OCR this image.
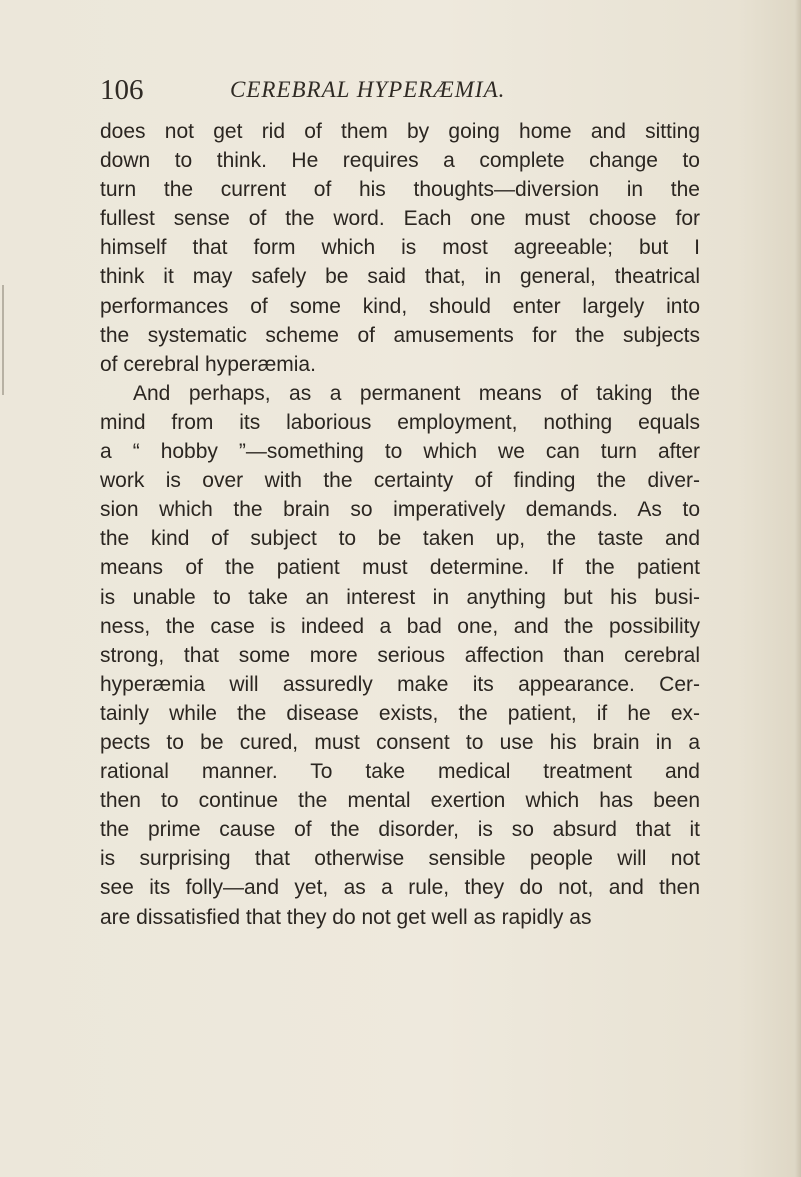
106	CEREBRAL HYPERÆMIA.
does not get rid of them by going home and sitting
down to think. He requires a complete change to
turn the current of his thoughts—diversion in the
fullest sense of the word. Each one must choose for
himself that form which is most agreeable; but I
think it may safely be said that, in general, theatrical
performances of some kind, should enter largely into
the systematic scheme of amusements for the subjects
of cerebral hyperæmia.
And perhaps, as a permanent means of taking the
mind from its laborious employment, nothing equals
a “ hobby ”—something to which we can turn after
work is over with the certainty of finding the diver-
sion which the brain so imperatively demands. As to
the kind of subject to be taken up, the taste and
means of the patient must determine. If the patient
is unable to take an interest in anything but his busi-
ness, the case is indeed a bad one, and the possibility
strong, that some more serious affection than cerebral
hyperæmia will assuredly make its appearance. Cer-
tainly while the disease exists, the patient, if he ex-
pects to be cured, must consent to use his brain in a
rational manner. To take medical treatment and
then to continue the mental exertion which has been
the prime cause of the disorder, is so absurd that it
is surprising that otherwise sensible people will not
see its folly—and yet, as a rule, they do not, and then
are dissatisfied that they do not get well as rapidly as
